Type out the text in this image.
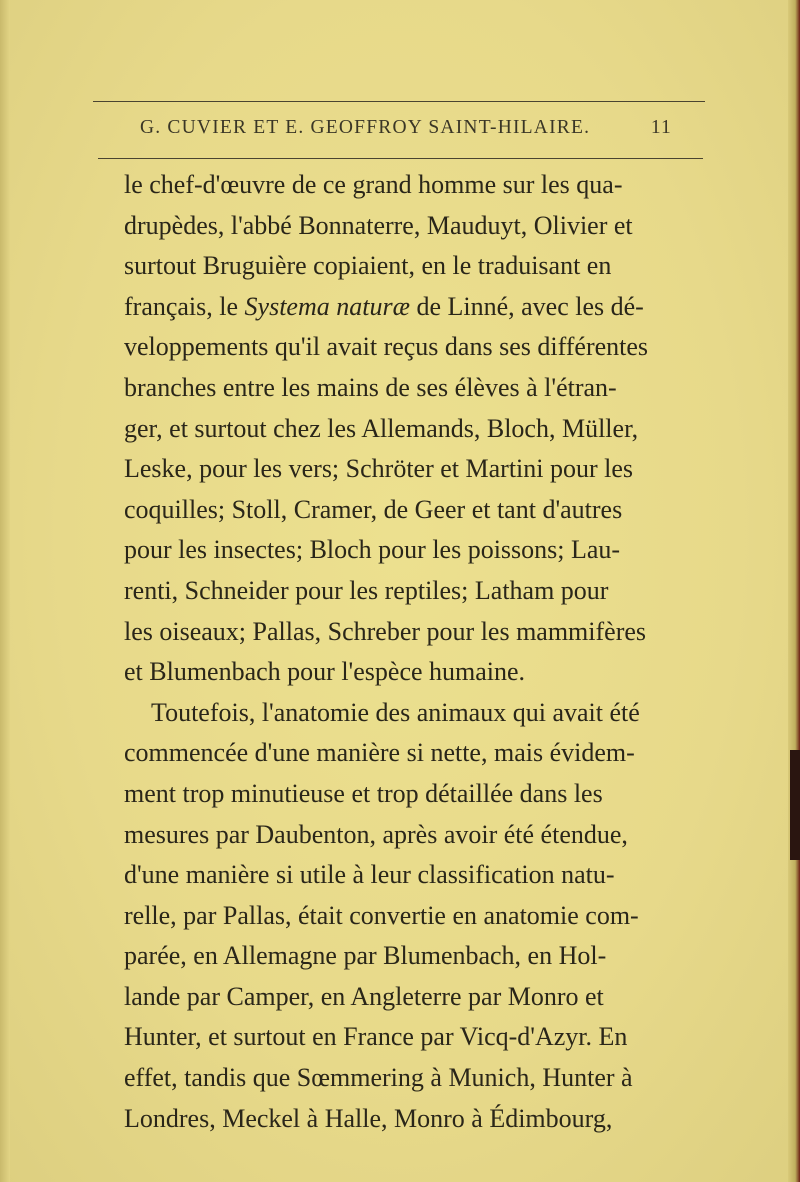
G. CUVIER ET E. GEOFFROY SAINT-HILAIRE.	11
le chef-d'œuvre de ce grand homme sur les qua-
drupèdes, l'abbé Bonnaterre, Mauduyt, Olivier et
surtout Bruguière copiaient, en le traduisant en
français, le Systema naturæ de Linné, avec les dé-
veloppements qu'il avait reçus dans ses différentes
branches entre les mains de ses élèves à l'étran-
ger, et surtout chez les Allemands, Bloch, Müller,
Leske, pour les vers; Schröter et Martini pour les
coquilles; Stoll, Cramer, de Geer et tant d'autres
pour les insectes; Bloch pour les poissons; Lau-
renti, Schneider pour les reptiles; Latham pour
les oiseaux; Pallas, Schreber pour les mammifères
et Blumenbach pour l'espèce humaine.
Toutefois, l'anatomie des animaux qui avait été
commencée d'une manière si nette, mais évidem-
ment trop minutieuse et trop détaillée dans les
mesures par Daubenton, après avoir été étendue,
d'une manière si utile à leur classification natu-
relle, par Pallas, était convertie en anatomie com-
parée, en Allemagne par Blumenbach, en Hol-
lande par Camper, en Angleterre par Monro et
Hunter, et surtout en France par Vicq-d'Azyr. En
effet, tandis que Sœmmering à Munich, Hunter à
Londres, Meckel à Halle, Monro à Édimbourg,
